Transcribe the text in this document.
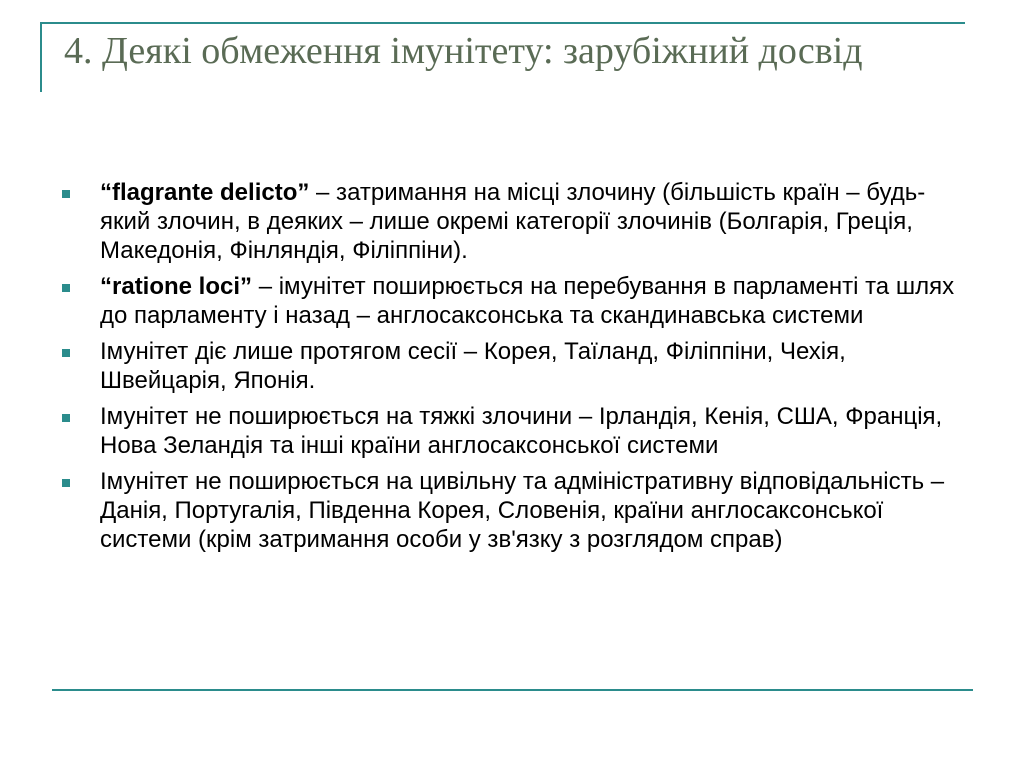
4. Деякі обмеження імунітету: зарубіжний досвід
“flagrante delicto” – затримання на місці злочину (більшість країн – будь-який злочин, в деяких – лише окремі категорії злочинів (Болгарія, Греція, Македонія, Фінляндія, Філіппіни).
“ratione loci” – імунітет поширюється на перебування в парламенті та шлях до парламенту і назад – англосаксонська та скандинавська системи
Імунітет діє лише протягом сесії – Корея, Таїланд, Філіппіни, Чехія, Швейцарія, Японія.
Імунітет не поширюється на тяжкі злочини – Ірландія, Кенія, США, Франція, Нова Зеландія та інші країни англосаксонської системи
Імунітет не поширюється на цивільну та адміністративну відповідальність – Данія, Португалія, Південна Корея, Словенія, країни англосаксонської системи (крім затримання особи у зв'язку з розглядом справ)
